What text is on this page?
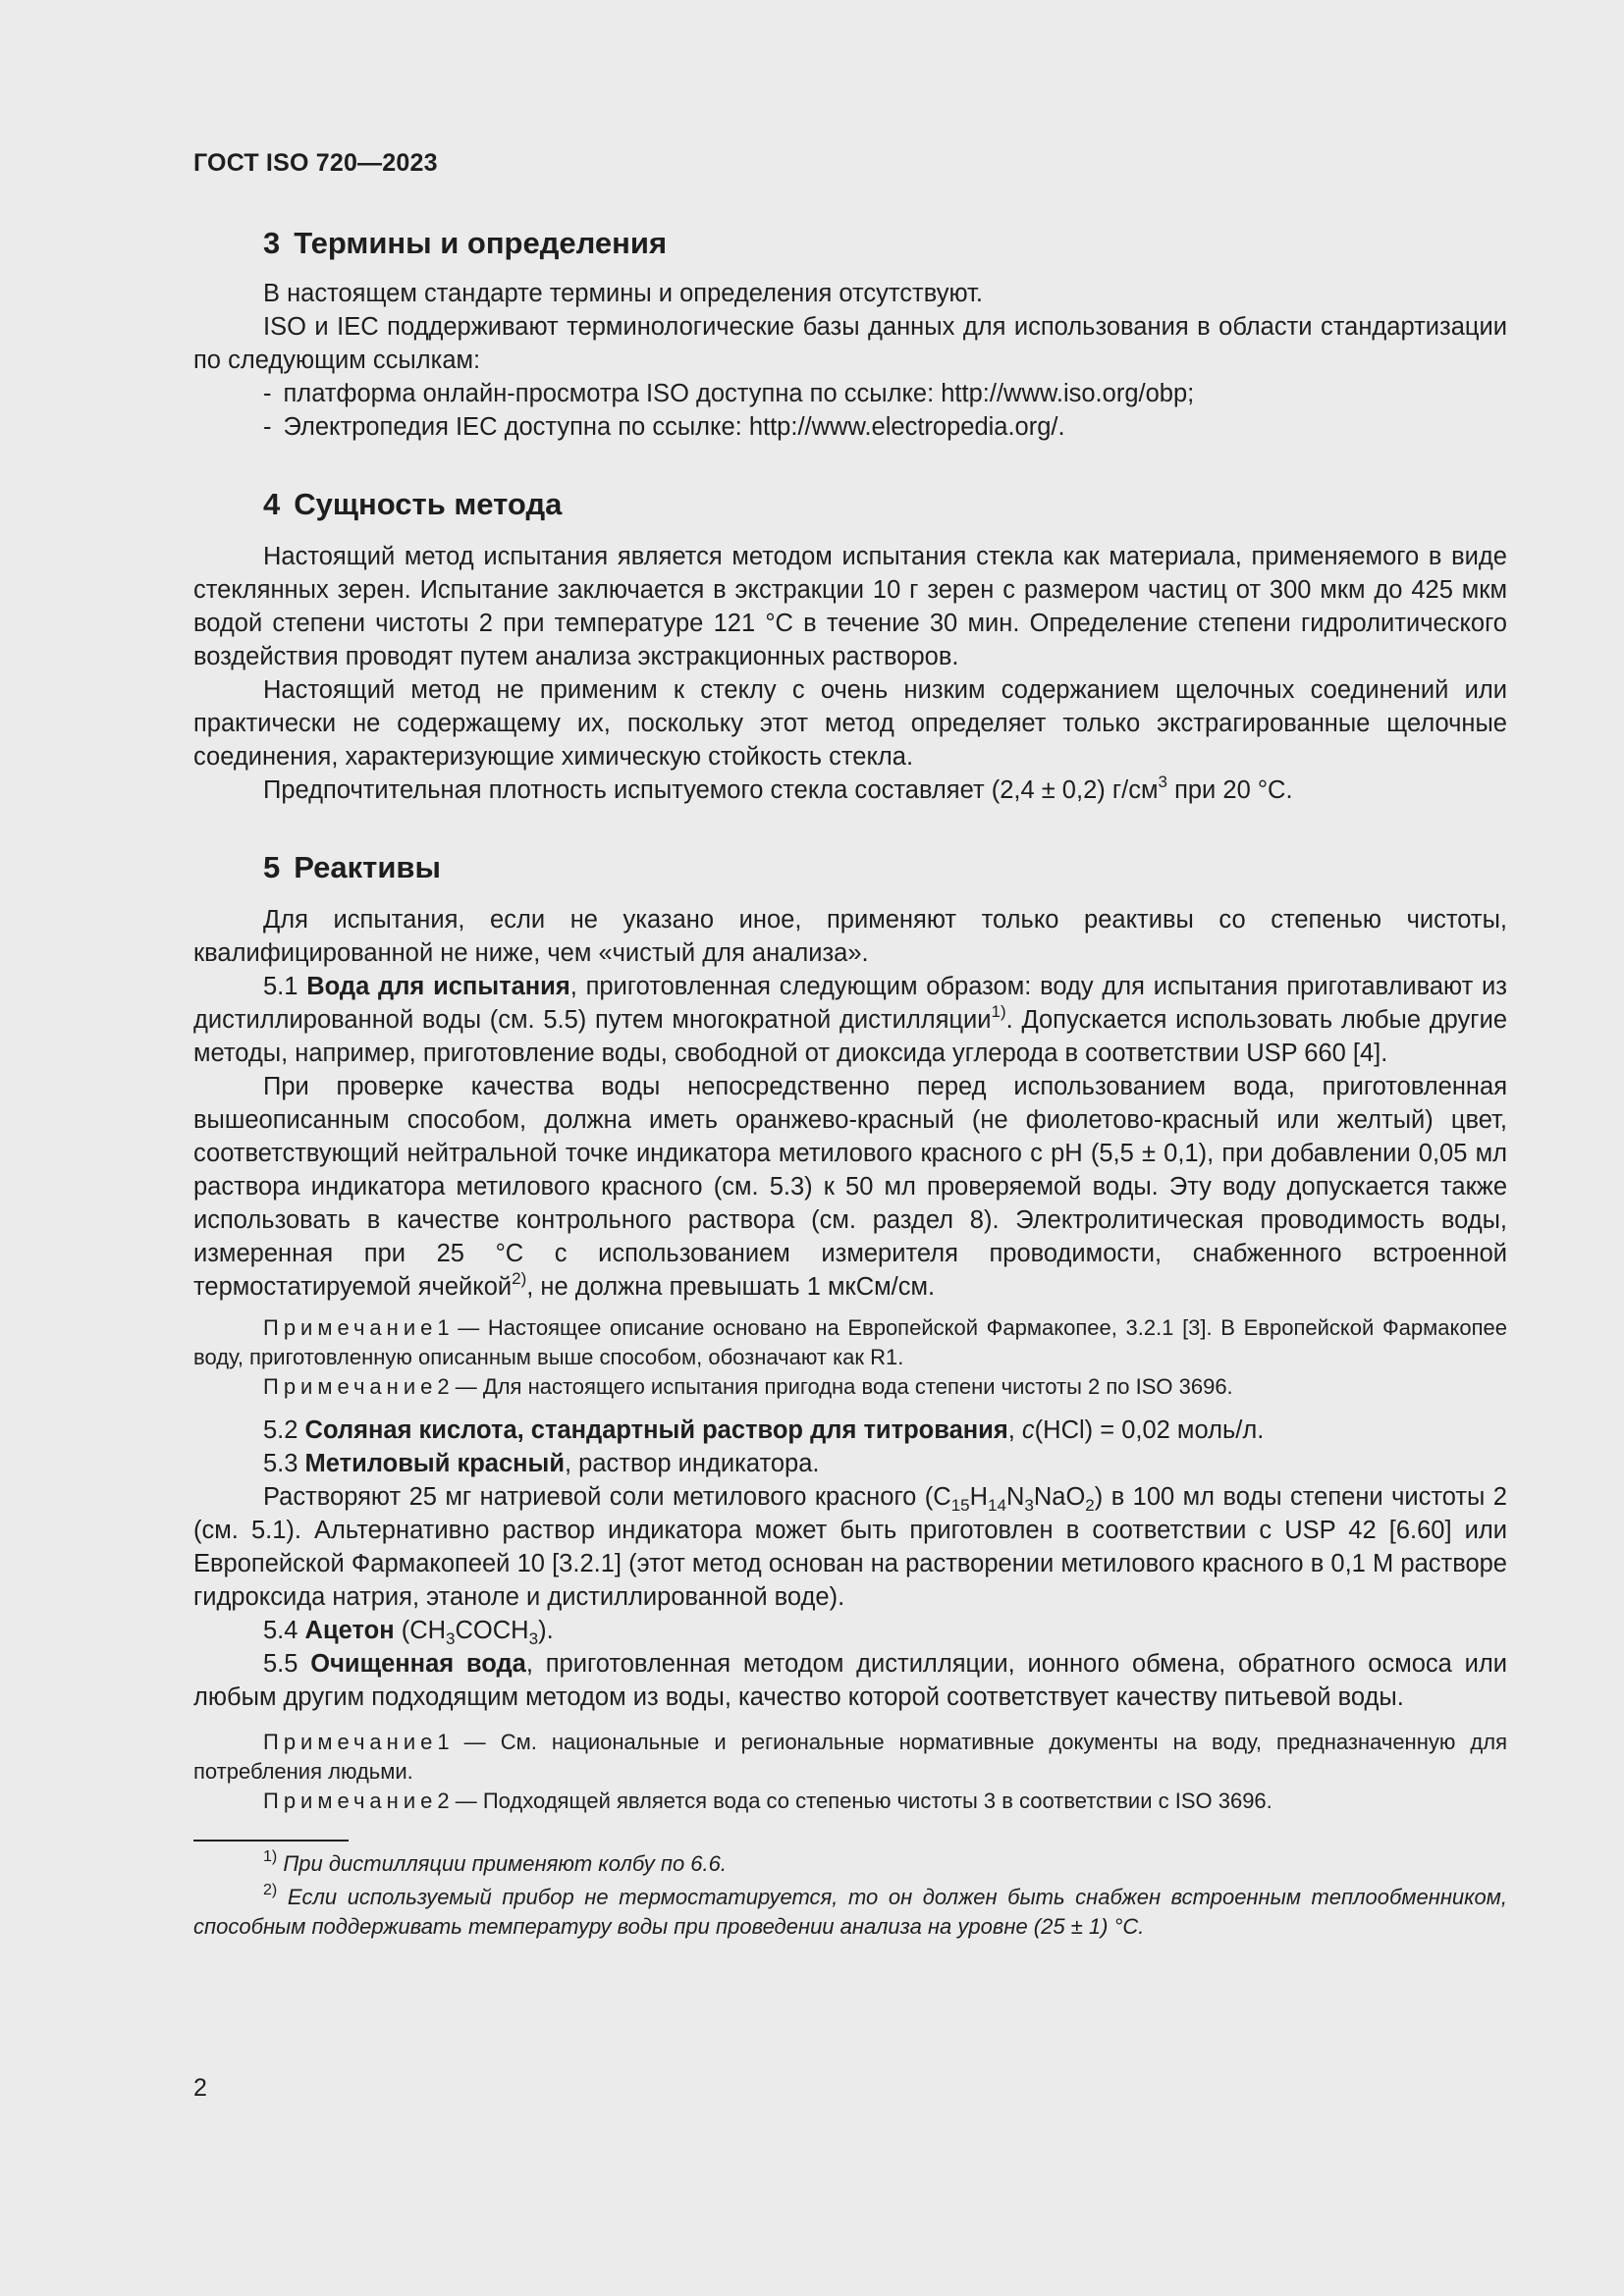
ГОСТ ISO 720—2023
3 Термины и определения

В настоящем стандарте термины и определения отсутствуют.

ISO и IEC поддерживают терминологические базы данных для использования в области стандартизации по следующим ссылкам:

- платформа онлайн-просмотра ISO доступна по ссылке: http://www.iso.org/obp;
- Электропедия IEC доступна по ссылке: http://www.electropedia.org/.
4 Сущность метода

Настоящий метод испытания является методом испытания стекла как материала, применяемого в виде стеклянных зерен. Испытание заключается в экстракции 10 г зерен с размером частиц от 300 мкм до 425 мкм водой степени чистоты 2 при температуре 121 °C в течение 30 мин. Определение степени гидролитического воздействия проводят путем анализа экстракционных растворов.

Настоящий метод не применим к стеклу с очень низким содержанием щелочных соединений или практически не содержащему их, поскольку этот метод определяет только экстрагированные щелочные соединения, характеризующие химическую стойкость стекла.

Предпочтительная плотность испытуемого стекла составляет (2,4 ± 0,2) $г/см^3$ при 20 °C.

5 Реактивы

Для испытания, если не указано иное, применяют только реактивы со степенью чистоты, квалифицированной не ниже, чем «чистый для анализа».

5.1 Вода для испытания, приготовленная следующим образом: воду для испытания приготавливают из дистиллированной воды (см. 5.5) путем многократной дистилляции$^{1)}$. Допускается использовать любые другие методы, например, приготовление воды, свободной от диоксида углерода в соответствии USP 660 [4].

При проверке качества воды непосредственно перед использованием вода, приготовленная вышеописанным способом, должна иметь оранжево-красный (не фиолетово-красный или желтый) цвет, соответствующий нейтральной точке индикатора метилового красного с pH (5,5 ± 0,1), при добавлении 0,05 мл раствора индикатора метилового красного (см. 5.3) к 50 мл проверяемой воды. Эту воду допускается также использовать в качестве контрольного раствора (см. раздел 8). Электролитическая проводимость воды, измеренная при 25 °C с использованием измерителя проводимости, снабженного встроенной термостатируемой ячейкой$^{2)}$, не должна превышать 1 мкСм/см.

Примечание1 — Настоящее описание основано на Европейской Фармакопее, 3.2.1 [3]. В Европейской Фармакопее воду, приготовленную описанным выше способом, обозначают как R1.

Примечание2 — Для настоящего испытания пригодна вода степени чистоты 2 по ISO 3696.

5.2 Соляная кислота, стандартный раствор для титрования, c(HCl) = 0,02 моль/л.

5.3 Метиловый красный, раствор индикатора.

Растворяют 25 мг натриевой соли метилового красного $(C_{15}H_{14}N_3NaO_2)$ в 100 мл воды степени чистоты 2 (см. 5.1). Альтернативно раствор индикатора может быть приготовлен в соответствии с USP 42 [6.60] или Европейской Фармакопеей 10 [3.2.1] (этот метод основан на растворении метилового красного в 0,1 М растворе гидроксида натрия, этаноле и дистиллированной воде).

5.4 Ацетон $(CH_3COCH_3)$.

5.5 Очищенная вода, приготовленная методом дистилляции, ионного обмена, обратного осмоса или любым другим подходящим методом из воды, качество которой соответствует качеству питьевой воды.

Примечание1 — См. национальные и региональные нормативные документы на воду, предназначенную для потребления людьми.

Примечание2 — Подходящей является вода со степенью чистоты 3 в соответствии с ISO 3696.

$^{1)}$ При дистилляции применяют колбу по 6.6.

$^{2)}$ Если используемый прибор не термостатируется, то он должен быть снабжен встроенным теплообменником, способным поддерживать температуру воды при проведении анализа на уровне (25 ± 1) °С.

2
